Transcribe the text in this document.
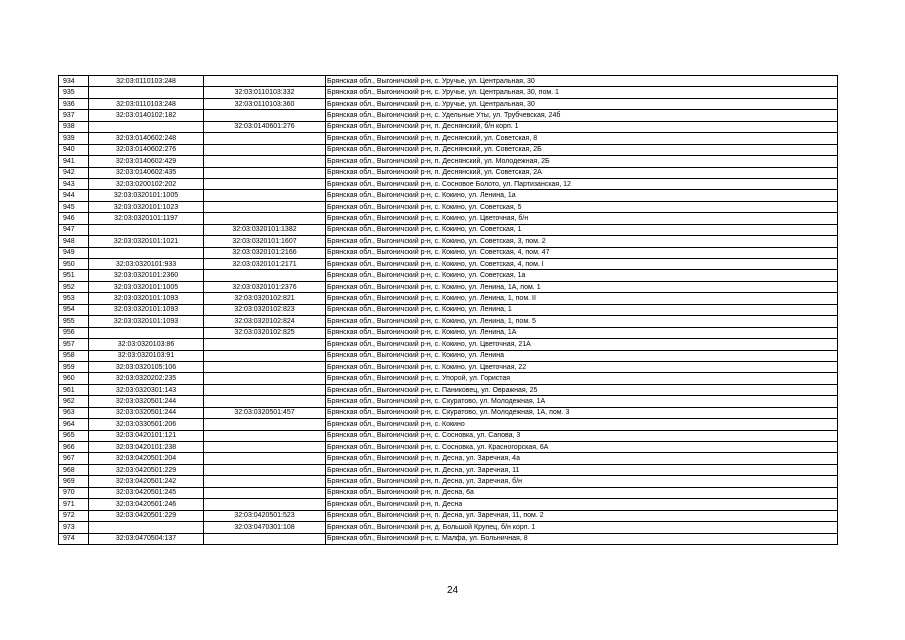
934	32:03:0110103:248		Брянская обл., Выгоничский р-н, с. Уручье, ул. Центральная, 30
935		32:03:0110103:332	Брянская обл., Выгоничский р-н, с. Уручье, ул. Центральная, 30, пом. 1
936	32:03:0110103:248	32:03:0110103:360	Брянская обл., Выгоничский р-н, с. Уручье, ул. Центральная, 30
937	32:03:0140102:182		Брянская обл., Выгоничский р-н, с. Удельные Уты, ул. Трубчевская, 24б
938		32:03:0140601:276	Брянская обл., Выгоничский р-н, п. Деснянский, б/н корп. 1
939	32:03:0140602:248		Брянская обл., Выгоничский р-н, п. Деснянский, ул. Советская, 8
940	32:03:0140602:276		Брянская обл., Выгоничский р-н, п. Деснянский, ул. Советская, 2Б
941	32:03:0140602:429		Брянская обл., Выгоничский р-н, п. Деснянский, ул. Молодежная, 2Б
942	32:03:0140602:435		Брянская обл., Выгоничский р-н, п. Деснянский, ул. Советская, 2А
943	32:03:0200102:202		Брянская обл., Выгоничский р-н, с. Сосновое Болото, ул. Партизанская, 12
944	32:03:0320101:1005		Брянская обл., Выгоничский р-н, с. Кокино, ул. Ленина, 1а
945	32:03:0320101:1023		Брянская обл., Выгоничский р-н, с. Кокино, ул. Советская, 5
946	32:03:0320101:1197		Брянская обл., Выгоничский р-н, с. Кокино, ул. Цветочная, б/н
947		32:03:0320101:1382	Брянская обл., Выгоничский р-н, с. Кокино, ул. Советская, 1
948	32:03:0320101:1021	32:03:0320101:1607	Брянская обл., Выгоничский р-н, с. Кокино, ул. Советская, 3, пом. 2
949		32:03:0320101:2166	Брянская обл., Выгоничский р-н, с. Кокино, ул. Советская, 4, пом. 47
950	32:03:0320101:933	32:03:0320101:2171	Брянская обл., Выгоничский р-н, с. Кокино, ул. Советская, 4, пом. I
951	32:03:0320101:2360		Брянская обл., Выгоничский р-н, с. Кокино, ул. Советская, 1а
952	32:03:0320101:1005	32:03:0320101:2376	Брянская обл., Выгоничский р-н, с. Кокино, ул. Ленина, 1А, пом. 1
953	32:03:0320101:1093	32:03:0320102:821	Брянская обл., Выгоничский р-н, с. Кокино, ул. Ленина, 1, пом. II
954	32:03:0320101:1093	32:03:0320102:823	Брянская обл., Выгоничский р-н, с. Кокино, ул. Ленина, 1
955	32:03:0320101:1093	32:03:0320102:824	Брянская обл., Выгоничский р-н, с. Кокино, ул. Ленина, 1, пом. 5
956		32:03:0320102:825	Брянская обл., Выгоничский р-н, с. Кокино, ул. Ленина, 1А
957	32:03:0320103:86		Брянская обл., Выгоничский р-н, с. Кокино, ул. Цветочная, 21А
958	32:03:0320103:91		Брянская обл., Выгоничский р-н, с. Кокино, ул. Ленина
959	32:03:0320105:106		Брянская обл., Выгоничский р-н, с. Кокино, ул. Цветочная, 22
960	32:03:0320202:235		Брянская обл., Выгоничский р-н, с. Упорой, ул. Гористая
961	32:03:0320301:143		Брянская обл., Выгоничский р-н, с. Паниковец, ул. Овражная, 25
962	32:03:0320501:244		Брянская обл., Выгоничский р-н, с. Скуратово, ул. Молодежная, 1А
963	32:03:0320501:244	32:03:0320501:457	Брянская обл., Выгоничский р-н, с. Скуратово, ул. Молодежная, 1А, пом. 3
964	32:03:0330501:206		Брянская обл., Выгоничский р-н, с. Кокино
965	32:03:0420101:121		Брянская обл., Выгоничский р-н, с. Сосновка, ул. Сапова, 3
966	32:03:0420101:238		Брянская обл., Выгоничский р-н, с. Сосновка, ул. Красногорская, 6А
967	32:03:0420501:204		Брянская обл., Выгоничский р-н, п. Десна, ул. Заречная, 4а
968	32:03:0420501:229		Брянская обл., Выгоничский р-н, п. Десна, ул. Заречная, 11
969	32:03:0420501:242		Брянская обл., Выгоничский р-н, п. Десна, ул. Заречная, б/н
970	32:03:0420501:245		Брянская обл., Выгоничский р-н, п. Десна, 6а
971	32:03:0420501:246		Брянская обл., Выгоничский р-н, п. Десна
972	32:03:0420501:229	32:03:0420501:523	Брянская обл., Выгоничский р-н, п. Десна, ул. Заречная, 11, пом. 2
973		32:03:0470301:108	Брянская обл., Выгоничский р-н, д. Большой Крупец, б/н корп. 1
974	32:03:0470504:137		Брянская обл., Выгоничский р-н, с. Малфа, ул. Больничная, 8
24
